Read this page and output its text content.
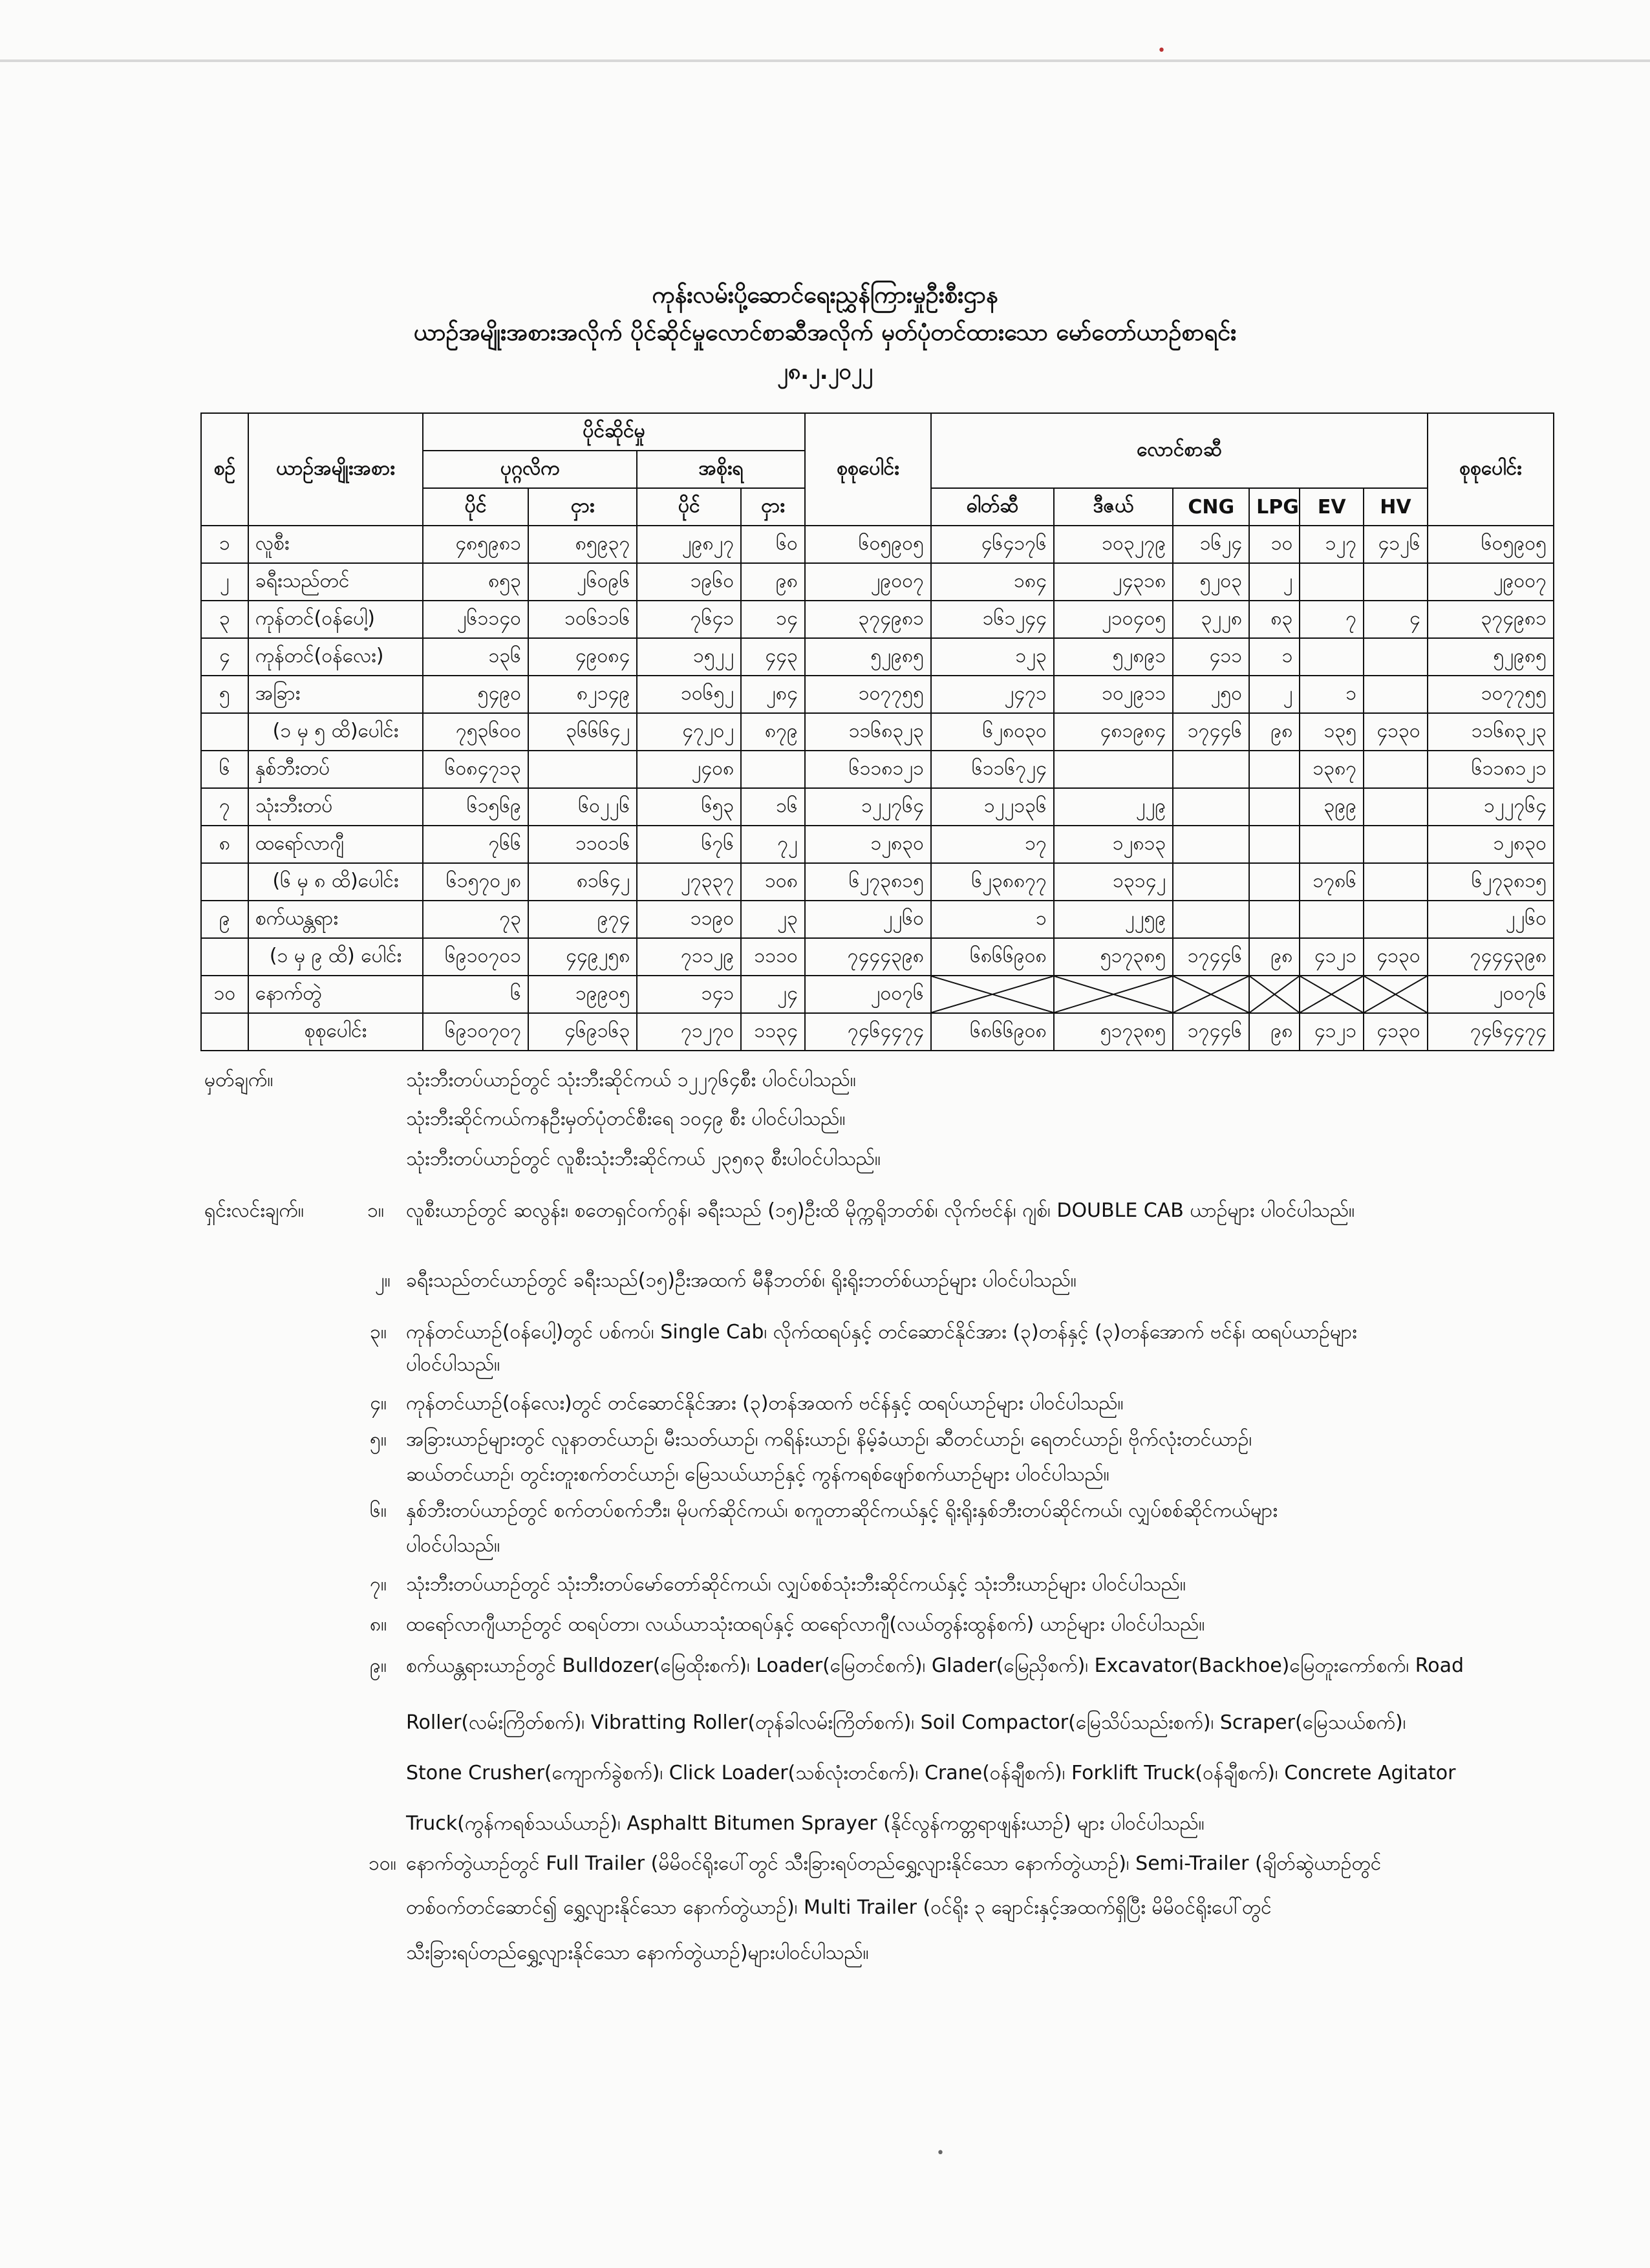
•
ကုန်းလမ်းပို့ဆောင်ရေးညွှန်ကြားမှုဦးစီးဌာန
ယာဉ်အမျိုးအစားအလိုက် ပိုင်ဆိုင်မှုလောင်စာဆီအလိုက် မှတ်ပုံတင်ထားသော မော်တော်ယာဉ်စာရင်း
၂၈.၂.၂၀၂၂
စဉ်	ယာဉ်အမျိုးအစား	ပိုင်ဆိုင်မှု				စုစုပေါင်း	လောင်စာဆီ						စုစုပေါင်း
		ပုဂ္ဂလိက		အစိုးရ									
		ပိုင်	ငှား	ပိုင်	ငှား		ဓါတ်ဆီ	ဒီဇယ်	CNG	LPG	EV	HV	
၁	လူစီး	၄၈၅၉၈၁	၈၅၉၃၇	၂၉၈၂၇	၆၀	၆၀၅၉၀၅	၄၆၄၁၇၆	၁၀၃၂၇၉	၁၆၂၄	၁၀	၁၂၇	၄၁၂၆	၆၀၅၉၀၅
၂	ခရီးသည်တင်	၈၅၃	၂၆၀၉၆	၁၉၆၀	၉၈	၂၉၀၀၇	၁၈၄	၂၄၃၁၈	၅၂၀၃	၂			၂၉၀၀၇
၃	ကုန်တင်(ဝန်ပေါ့)	၂၆၁၁၄၀	၁၀၆၁၁၆	၇၆၄၁	၁၄	၃၇၄၉၈၁	၁၆၁၂၄၄	၂၁၀၄၀၅	၃၂၂၈	၈၃	၇	၄	၃၇၄၉၈၁
၄	ကုန်တင်(ဝန်လေး)	၁၃၆	၄၉၀၈၄	၁၅၂၂	၄၄၃	၅၂၉၈၅	၁၂၃	၅၂၈၉၁	၄၁၁	၁			၅၂၉၈၅
၅	အခြား	၅၄၉၀	၈၂၁၄၉	၁၀၆၅၂	၂၈၄	၁၀၇၇၅၅	၂၄၇၁	၁၀၂၉၁၁	၂၅၀	၂	၁		၁၀၇၇၅၅
	(၁ မှ ၅ ထိ)ပေါင်း	၇၅၃၆၀၀	၃၆၆၆၄၂	၄၇၂၀၂	၈၇၉	၁၁၆၈၃၂၃	၆၂၈၀၃၀	၄၈၁၉၈၄	၁၇၄၄၆	၉၈	၁၃၅	၄၁၃၀	၁၁၆၈၃၂၃
၆	နှစ်ဘီးတပ်	၆၀၈၄၇၁၃		၂၄၀၈		၆၁၁၈၁၂၁	၆၁၁၆၇၂၄				၁၃၈၇		၆၁၁၈၁၂၁
၇	သုံးဘီးတပ်	၆၁၅၆၉	၆၀၂၂၆	၆၅၃	၁၆	၁၂၂၇၆၄	၁၂၂၁၃၆	၂၂၉			၃၉၉		၁၂၂၇၆၄
၈	ထရော်လာဂျီ	၇၆၆	၁၁၀၁၆	၆၇၆	၇၂	၁၂၈၃၀	၁၇	၁၂၈၁၃					၁၂၈၃၀
	(၆ မှ ၈ ထိ)ပေါင်း	၆၁၅၇၀၂၈	၈၁၆၄၂	၂၇၃၃၇	၁၀၈	၆၂၇၃၈၁၅	၆၂၃၈၈၇၇	၁၃၁၄၂			၁၇၈၆		၆၂၇၃၈၁၅
၉	စက်ယန္တရား	၇၃	၉၇၄	၁၁၉၀	၂၃	၂၂၆၀	၁	၂၂၅၉					၂၂၆၀
	(၁ မှ ၉ ထိ) ပေါင်း	၆၉၁၀၇၀၁	၄၄၉၂၅၈	၇၁၁၂၉	၁၁၁၀	၇၄၄၄၃၉၈	၆၈၆၆၉၀၈	၅၁၇၃၈၅	၁၇၄၄၆	၉၈	၄၁၂၁	၄၁၃၀	၇၄၄၄၃၉၈
၁၀	နောက်တွဲ	၆	၁၉၉၀၅	၁၄၁	၂၄	၂၀၀၇၆							၂၀၀၇၆
	စုစုပေါင်း	၆၉၁၀၇၀၇	၄၆၉၁၆၃	၇၁၂၇၀	၁၁၃၄	၇၄၆၄၄၇၄	၆၈၆၆၉၀၈	၅၁၇၃၈၅	၁၇၄၄၆	၉၈	၄၁၂၁	၄၁၃၀	၇၄၆၄၄၇၄
မှတ်ချက်။	သုံးဘီးတပ်ယာဉ်တွင် သုံးဘီးဆိုင်ကယ် ၁၂၂၇၆၄စီး ပါဝင်ပါသည်။
သုံးဘီးဆိုင်ကယ်ကနဦးမှတ်ပုံတင်စီးရေ ၁၀၄၉ စီး ပါဝင်ပါသည်။
သုံးဘီးတပ်ယာဉ်တွင် လူစီးသုံးဘီးဆိုင်ကယ် ၂၃၅၈၃ စီးပါဝင်ပါသည်။
ရှင်းလင်းချက်။	၁။ လူစီးယာဉ်တွင် ဆလွန်း၊ စတေရှင်ဝက်ဂွန်၊ ခရီးသည် (၁၅)ဦးထိ မိုက္ကရိုဘတ်စ်၊ လိုက်ဗင်န်၊ ဂျစ်၊ DOUBLE CAB ယာဉ်များ ပါဝင်ပါသည်။
၂။ ခရီးသည်တင်ယာဉ်တွင် ခရီးသည်(၁၅)ဦးအထက် မီနီဘတ်စ်၊ ရိုးရိုးဘတ်စ်ယာဉ်များ ပါဝင်ပါသည်။
၃။ ကုန်တင်ယာဉ်(ဝန်ပေါ့)တွင် ပစ်ကပ်၊ Single Cab၊ လိုက်ထရပ်နှင့် တင်ဆောင်နိုင်အား (၃)တန်နှင့် (၃)တန်အောက် ဗင်န်၊ ထရပ်ယာဉ်များ
ပါဝင်ပါသည်။
၄။ ကုန်တင်ယာဉ်(ဝန်လေး)တွင် တင်ဆောင်နိုင်အား (၃)တန်အထက် ဗင်န်နှင့် ထရပ်ယာဉ်များ ပါဝင်ပါသည်။
၅။ အခြားယာဉ်များတွင် လူနာတင်ယာဉ်၊ မီးသတ်ယာဉ်၊ ကရိန်းယာဉ်၊ နိမ့်ခံယာဉ်၊ ဆီတင်ယာဉ်၊ ရေတင်ယာဉ်၊ ဗိုက်လုံးတင်ယာဉ်၊
ဆယ်တင်ယာဉ်၊ တွင်းတူးစက်တင်ယာဉ်၊ မြေသယ်ယာဉ်နှင့် ကွန်ကရစ်ဖျော်စက်ယာဉ်များ ပါဝင်ပါသည်။
၆။ နှစ်ဘီးတပ်ယာဉ်တွင် စက်တပ်စက်ဘီး၊ မိုပက်ဆိုင်ကယ်၊ စကူတာဆိုင်ကယ်နှင့် ရိုးရိုးနှစ်ဘီးတပ်ဆိုင်ကယ်၊ လျှပ်စစ်ဆိုင်ကယ်များ
ပါဝင်ပါသည်။
၇။ သုံးဘီးတပ်ယာဉ်တွင် သုံးဘီးတပ်မော်တော်ဆိုင်ကယ်၊ လျှပ်စစ်သုံးဘီးဆိုင်ကယ်နှင့် သုံးဘီးယာဉ်များ ပါဝင်ပါသည်။
၈။ ထရော်လာဂျီယာဉ်တွင် ထရပ်တာ၊ လယ်ယာသုံးထရပ်နှင့် ထရော်လာဂျီ(လယ်တွန်းထွန်စက်) ယာဉ်များ ပါဝင်ပါသည်။
၉။ စက်ယန္တရားယာဉ်တွင် Bulldozer(မြေထိုးစက်)၊ Loader(မြေတင်စက်)၊ Glader(မြေညှိစက်)၊ Excavator(Backhoe)မြေတူးကော်စက်၊ Road
Roller(လမ်းကြိတ်စက်)၊ Vibratting Roller(တုန်ခါလမ်းကြိတ်စက်)၊ Soil Compactor(မြေသိပ်သည်းစက်)၊ Scraper(မြေသယ်စက်)၊
Stone Crusher(ကျောက်ခွဲစက်)၊ Click Loader(သစ်လုံးတင်စက်)၊ Crane(ဝန်ချီစက်)၊ Forklift Truck(ဝန်ချီစက်)၊ Concrete Agitator
Truck(ကွန်ကရစ်သယ်ယာဉ်)၊ Asphaltt Bitumen Sprayer (နိုင်လွန်ကတ္တရာဖျန်းယာဉ်) များ ပါဝင်ပါသည်။
၁၀။ နောက်တွဲယာဉ်တွင် Full Trailer (မိမိဝင်ရိုးပေါ်တွင် သီးခြားရပ်တည်ရွှေ့လျားနိုင်သော နောက်တွဲယာဉ်)၊ Semi-Trailer (ချိတ်ဆွဲယာဉ်တွင်
တစ်ဝက်တင်ဆောင်၍ ရွှေ့လျားနိုင်သော နောက်တွဲယာဉ်)၊ Multi Trailer (ဝင်ရိုး ၃ ချောင်းနှင့်အထက်ရှိပြီး မိမိဝင်ရိုးပေါ်တွင်
သီးခြားရပ်တည်ရွှေ့လျားနိုင်သော နောက်တွဲယာဉ်)များပါဝင်ပါသည်။
•
